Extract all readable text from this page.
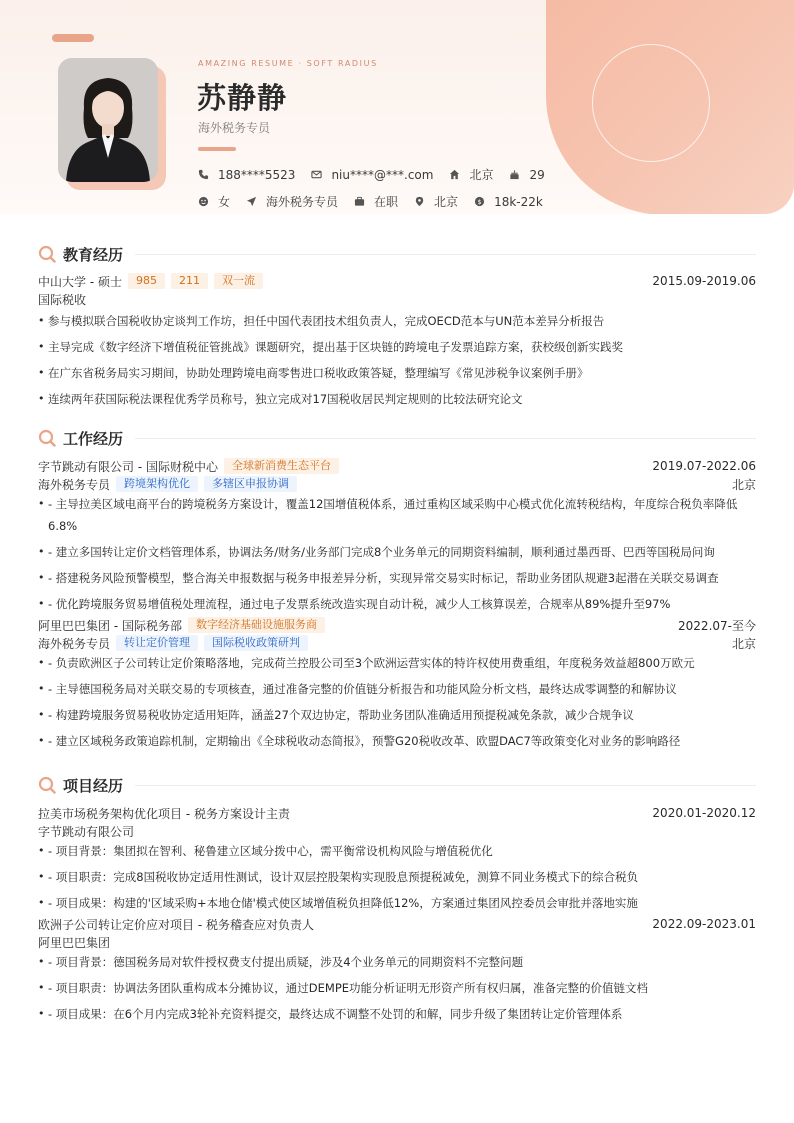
AMAZING RESUME · SOFT RADIUS
苏静静
海外税务专员
188****5523	niu****@***.com	北京	29
女	海外税务专员	在职	北京	$ 18k-22k
教育经历
中山大学 - 硕士	985	211	双一流	2015.09-2019.06
国际税收
• 参与模拟联合国税收协定谈判工作坊，担任中国代表团技术组负责人，完成OECD范本与UN范本差异分析报告
• 主导完成《数字经济下增值税征管挑战》课题研究，提出基于区块链的跨境电子发票追踪方案，获校级创新实践奖
• 在广东省税务局实习期间，协助处理跨境电商零售进口税收政策答疑，整理编写《常见涉税争议案例手册》
• 连续两年获国际税法课程优秀学员称号，独立完成对17国税收居民判定规则的比较法研究论文
工作经历
字节跳动有限公司 - 国际财税中心	全球新消费生态平台	2019.07-2022.06
海外税务专员	跨境架构优化	多辖区申报协调	北京
• - 主导拉美区域电商平台的跨境税务方案设计，覆盖12国增值税体系，通过重构区域采购中心模式优化流转税结构，年度综合税负率降低6.8%
• - 建立多国转让定价文档管理体系，协调法务/财务/业务部门完成8个业务单元的同期资料编制，顺利通过墨西哥、巴西等国税局问询
• - 搭建税务风险预警模型，整合海关申报数据与税务申报差异分析，实现异常交易实时标记，帮助业务团队规避3起潜在关联交易调查
• - 优化跨境服务贸易增值税处理流程，通过电子发票系统改造实现自动计税，减少人工核算误差，合规率从89%提升至97%
阿里巴巴集团 - 国际税务部	数字经济基础设施服务商	2022.07-至今
海外税务专员	转让定价管理	国际税收政策研判	北京
• - 负责欧洲区子公司转让定价策略落地，完成荷兰控股公司至3个欧洲运营实体的特许权使用费重组，年度税务效益超800万欧元
• - 主导德国税务局对关联交易的专项核查，通过准备完整的价值链分析报告和功能风险分析文档，最终达成零调整的和解协议
• - 构建跨境服务贸易税收协定适用矩阵，涵盖27个双边协定，帮助业务团队准确适用预提税减免条款，减少合规争议
• - 建立区域税务政策追踪机制，定期输出《全球税收动态简报》，预警G20税收改革、欧盟DAC7等政策变化对业务的影响路径
项目经历
拉美市场税务架构优化项目 - 税务方案设计主责	2020.01-2020.12
字节跳动有限公司
• - 项目背景：集团拟在智利、秘鲁建立区域分拨中心，需平衡常设机构风险与增值税优化
• - 项目职责：完成8国税收协定适用性测试，设计双层控股架构实现股息预提税减免，测算不同业务模式下的综合税负
• - 项目成果：构建的'区域采购+本地仓储'模式使区域增值税负担降低12%，方案通过集团风控委员会审批并落地实施
欧洲子公司转让定价应对项目 - 税务稽查应对负责人	2022.09-2023.01
阿里巴巴集团
• - 项目背景：德国税务局对软件授权费支付提出质疑，涉及4个业务单元的同期资料不完整问题
• - 项目职责：协调法务团队重构成本分摊协议，通过DEMPE功能分析证明无形资产所有权归属，准备完整的价值链文档
• - 项目成果：在6个月内完成3轮补充资料提交，最终达成不调整不处罚的和解，同步升级了集团转让定价管理体系
